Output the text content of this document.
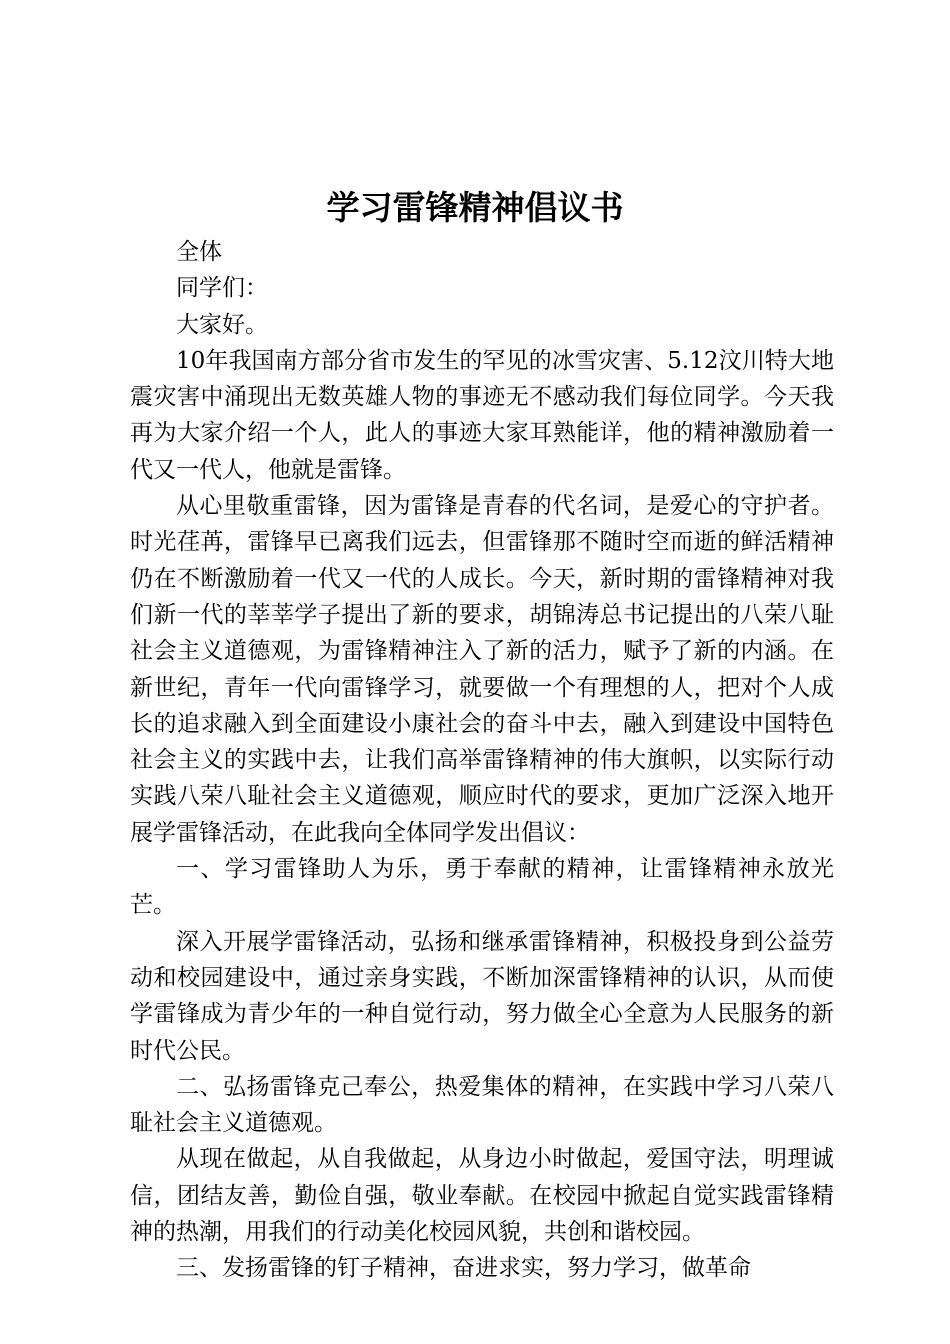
学习雷锋精神倡议书

全体

同学们：

大家好。

10年我国南方部分省市发生的罕见的冰雪灾害、5.12汶川特大地震灾害中涌现出无数英雄人物的事迹无不感动我们每位同学。今天我再为大家介绍一个人，此人的事迹大家耳熟能详，他的精神激励着一代又一代人，他就是雷锋。

从心里敬重雷锋，因为雷锋是青春的代名词，是爱心的守护者。时光荏苒，雷锋早已离我们远去，但雷锋那不随时空而逝的鲜活精神仍在不断激励着一代又一代的人成长。今天，新时期的雷锋精神对我们新一代的莘莘学子提出了新的要求，胡锦涛总书记提出的八荣八耻社会主义道德观，为雷锋精神注入了新的活力，赋予了新的内涵。在新世纪，青年一代向雷锋学习，就要做一个有理想的人，把对个人成长的追求融入到全面建设小康社会的奋斗中去，融入到建设中国特色社会主义的实践中去，让我们高举雷锋精神的伟大旗帜，以实际行动实践八荣八耻社会主义道德观，顺应时代的要求，更加广泛深入地开展学雷锋活动，在此我向全体同学发出倡议：

一、学习雷锋助人为乐，勇于奉献的精神，让雷锋精神永放光芒。

深入开展学雷锋活动，弘扬和继承雷锋精神，积极投身到公益劳动和校园建设中，通过亲身实践，不断加深雷锋精神的认识，从而使学雷锋成为青少年的一种自觉行动，努力做全心全意为人民服务的新时代公民。

二、弘扬雷锋克己奉公，热爱集体的精神，在实践中学习八荣八耻社会主义道德观。

从现在做起，从自我做起，从身边小时做起，爱国守法，明理诚信，团结友善，勤俭自强，敬业奉献。在校园中掀起自觉实践雷锋精神的热潮，用我们的行动美化校园风貌，共创和谐校园。

三、发扬雷锋的钉子精神，奋进求实，努力学习，做革命
